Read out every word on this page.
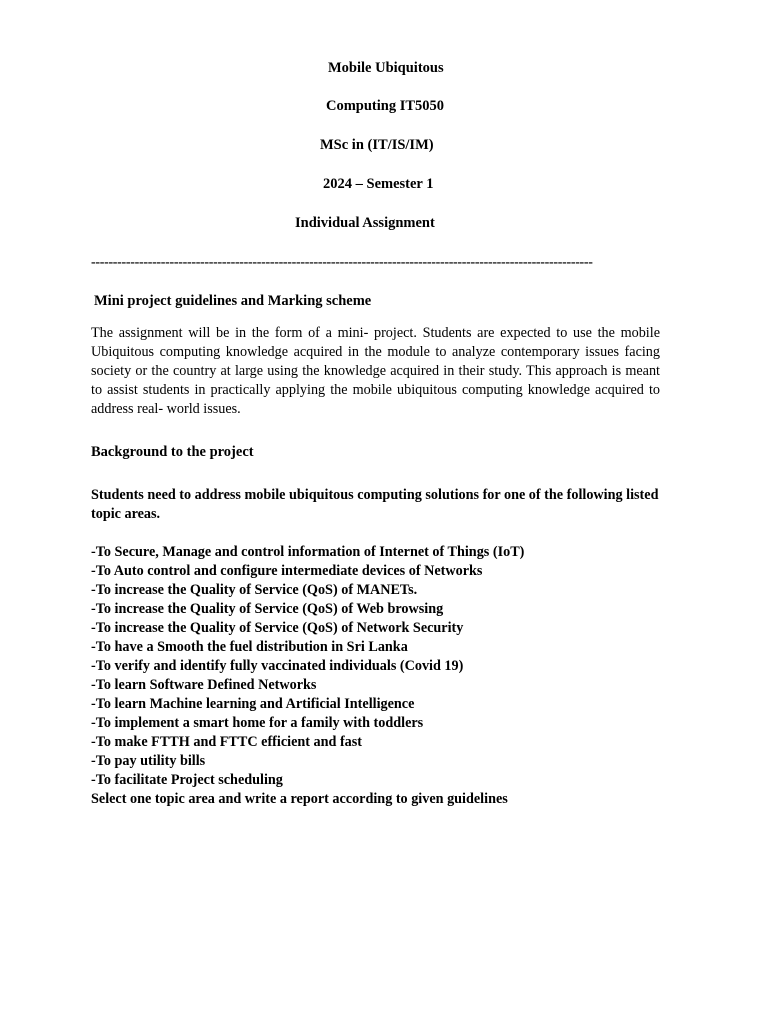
Mobile Ubiquitous
Computing IT5050
MSc in (IT/IS/IM)
2024 – Semester 1
Individual Assignment
-------------------------------------------------------------------------------------------------------------------
Mini project guidelines and Marking scheme
The assignment will be in the form of a mini- project. Students are expected to use the mobile Ubiquitous computing knowledge acquired in the module to analyze contemporary issues facing society or the country at large using the knowledge acquired in their study. This approach is meant to assist students in practically applying the mobile ubiquitous computing knowledge acquired to address real- world issues.
Background to the project
Students need to address mobile ubiquitous computing solutions for one of the following listed topic areas.
-To Secure, Manage and control information of Internet of Things (IoT)
-To Auto control and configure intermediate devices of Networks
-To increase the Quality of Service (QoS) of MANETs.
-To increase the Quality of Service (QoS) of Web browsing
-To increase the Quality of Service (QoS) of Network Security
-To have a Smooth the fuel distribution in Sri Lanka
-To verify and identify fully vaccinated individuals (Covid 19)
-To learn Software Defined Networks
-To learn Machine learning and Artificial Intelligence
-To implement a smart home for a family with toddlers
-To make FTTH and FTTC efficient and fast
-To pay utility bills
-To facilitate Project scheduling
Select one topic area and write a report according to given guidelines
